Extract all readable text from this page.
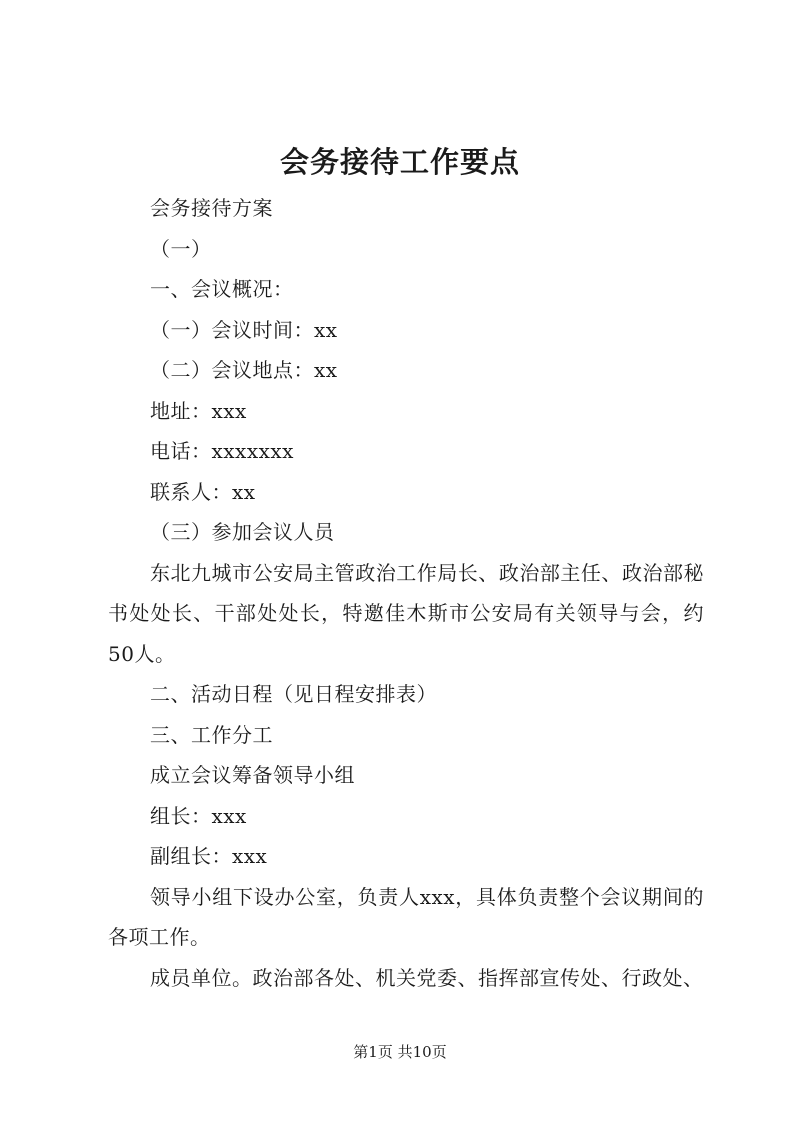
会务接待工作要点

会务接待方案

（一）

一、会议概况：

（一）会议时间：xx

（二）会议地点：xx

地址：xxx

电话：xxxxxxx

联系人：xx

（三）参加会议人员

东北九城市公安局主管政治工作局长、政治部主任、政治部秘书处处长、干部处处长，特邀佳木斯市公安局有关领导与会，约50人。

二、活动日程（见日程安排表）

三、工作分工

成立会议筹备领导小组

组长：xxx

副组长：xxx

领导小组下设办公室，负责人xxx，具体负责整个会议期间的各项工作。

成员单位。政治部各处、机关党委、指挥部宣传处、行政处、

第1页 共10页
